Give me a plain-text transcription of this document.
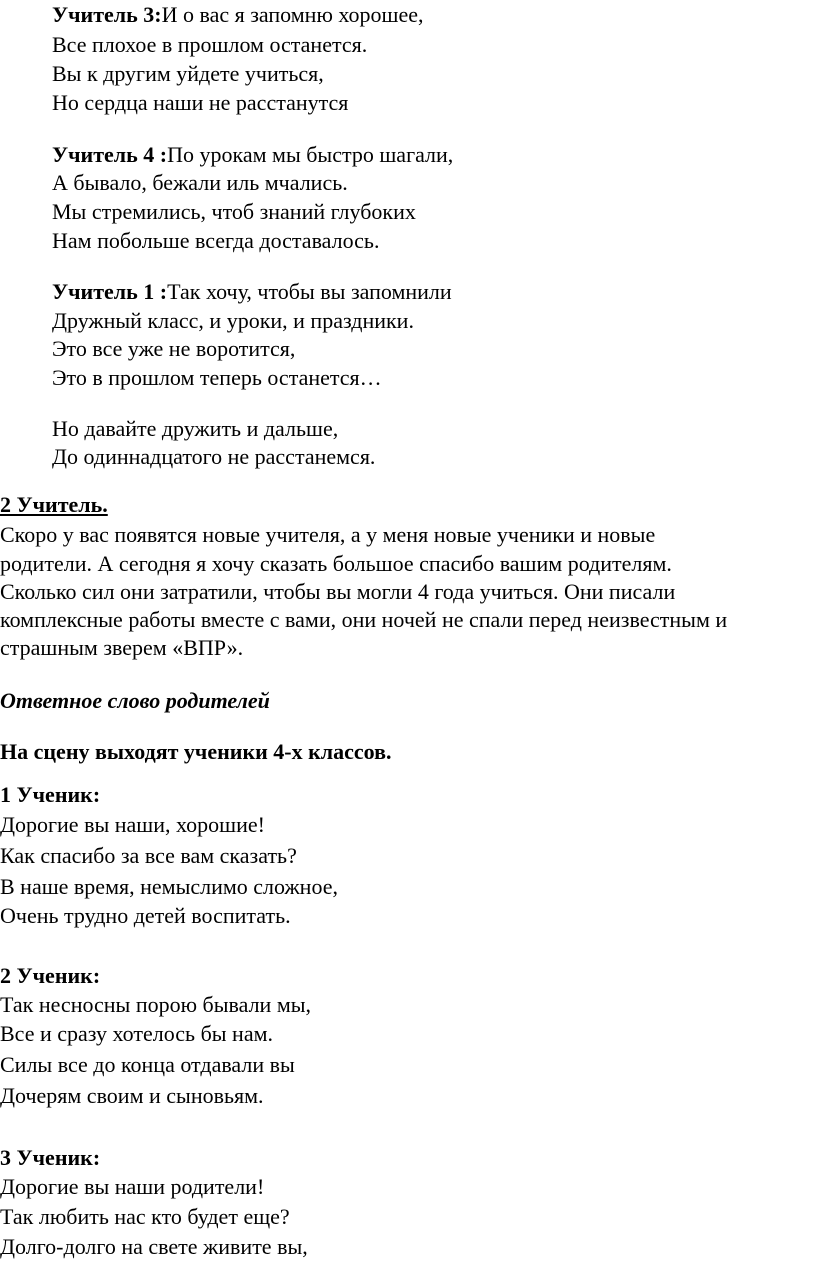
Учитель 3:И о вас я запомню хорошее,
Все плохое в прошлом останется.
Вы к другим уйдете учиться,
Но сердца наши не расстанутся
Учитель 4 :По урокам мы быстро шагали,
А бывало, бежали иль мчались.
Мы стремились, чтоб знаний глубоких
Нам побольше всегда доставалось.
Учитель 1 :Так хочу, чтобы вы запомнили
Дружный класс, и уроки, и праздники.
Это все уже не воротится,
Это в прошлом теперь останется…
Но давайте дружить и дальше,
До одиннадцатого не расстанемся.
2 Учитель.
Скоро у вас появятся новые учителя, а у меня новые ученики и новые
родители. А сегодня я хочу сказать большое спасибо вашим родителям.
Сколько сил они затратили, чтобы вы могли 4 года учиться. Они писали
комплексные работы вместе с вами, они ночей не спали перед неизвестным и
страшным зверем «ВПР».
Ответное слово родителей
На сцену выходят ученики 4-х классов.
1 Ученик:
Дорогие вы наши, хорошие!
Как спасибо за все вам сказать?
В наше время, немыслимо сложное,
Очень трудно детей воспитать.
2 Ученик:
Так несносны порою бывали мы,
Все и сразу хотелось бы нам.
Силы все до конца отдавали вы
Дочерям своим и сыновьям.
3 Ученик:
Дорогие вы наши родители!
Так любить нас кто будет еще?
Долго-долго на свете живите вы,
